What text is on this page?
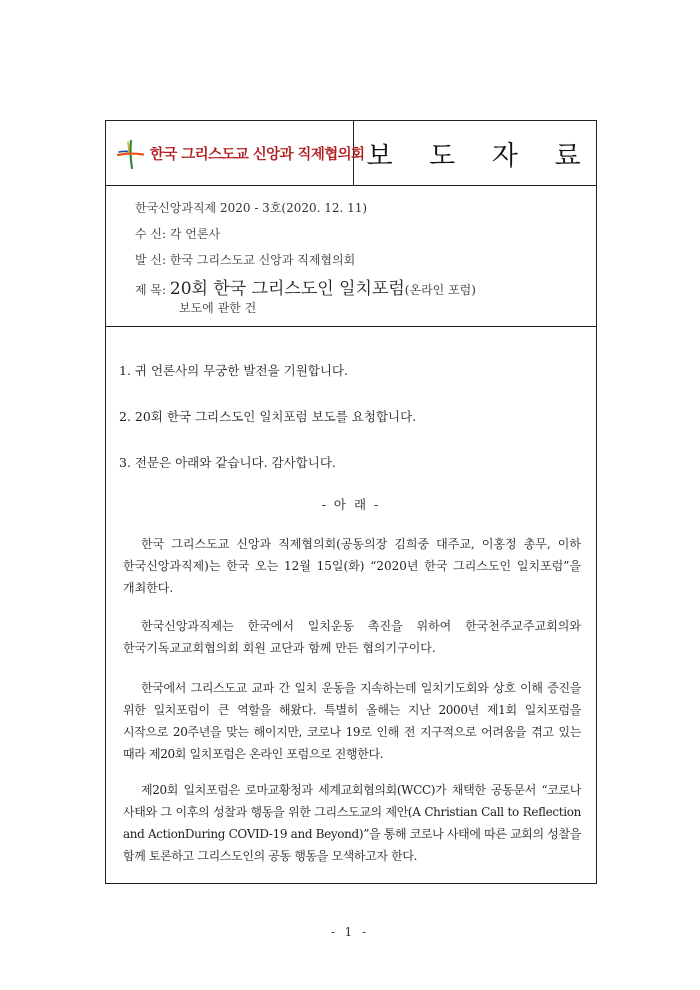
한국 그리스도교 신앙과 직제협의회 보 도 자 료
한국신앙과직제 2020 - 3호(2020. 12. 11)
수 신: 각 언론사
발 신: 한국 그리스도교 신앙과 직제협의회
제 목: 20회 한국 그리스도인 일치포럼(온라인 포럼)
보도에 관한 건
1. 귀 언론사의 무궁한 발전을 기원합니다.
2. 20회 한국 그리스도인 일치포럼 보도를 요청합니다.
3. 전문은 아래와 같습니다. 감사합니다.
- 아 래 -
한국 그리스도교 신앙과 직제협의회(공동의장 김희중 대주교, 이홍정 총무, 이하 한국신앙과직제)는 한국 오는 12월 15일(화) “2020년 한국 그리스도인 일치포럼”을 개최한다.
한국신앙과직제는 한국에서 일치운동 촉진을 위하여 한국천주교주교회의와 한국기독교교회협의회 회원 교단과 함께 만든 협의기구이다.
한국에서 그리스도교 교파 간 일치 운동을 지속하는데 일치기도회와 상호 이해 증진을 위한 일치포럼이 큰 역할을 해왔다. 특별히 올해는 지난 2000년 제1회 일치포럼을 시작으로 20주년을 맞는 해이지만, 코로나 19로 인해 전 지구적으로 어려움을 겪고 있는 때라 제20회 일치포럼은 온라인 포럼으로 진행한다.
제20회 일치포럼은 로마교황청과 세계교회협의회(WCC)가 채택한 공동문서 “코로나 사태와 그 이후의 성찰과 행동을 위한 그리스도교의 제안(A Christian Call to Reflection and ActionDuring COVID-19 and Beyond)”을 통해 코로나 사태에 따른 교회의 성찰을 함께 토론하고 그리스도인의 공동 행동을 모색하고자 한다.
- 1 -
